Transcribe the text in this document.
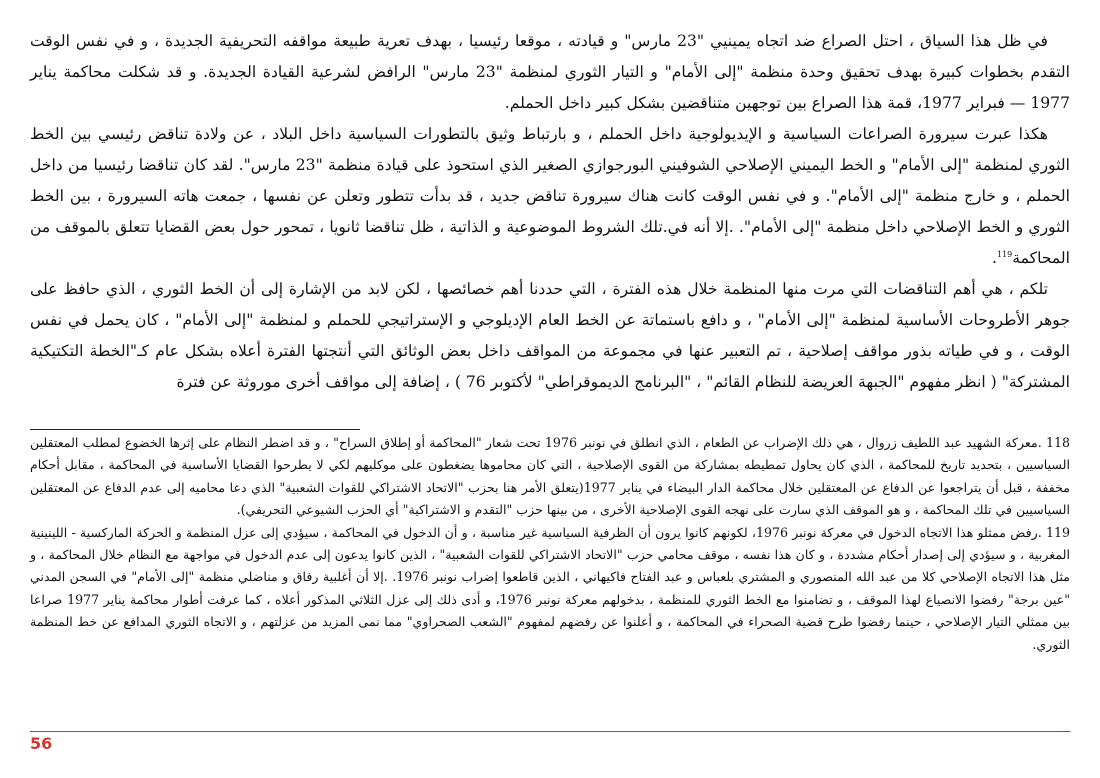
في ظل هذا السياق ، احتل الصراع ضد اتجاه يمينيي "23 مارس" و قيادته ، موقعا رئيسيا ، بهدف تعرية طبيعة مواقفه التحريفية الجديدة ، و في نفس الوقت التقدم بخطوات كبيرة بهدف تحقيق وحدة منظمة "إلى الأمام" و التيار الثوري لمنظمة "23 مارس" الرافض لشرعية القيادة الجديدة. و قد شكلت محاكمة يناير 1977 — فبراير 1977، قمة هذا الصراع بين توجهين متناقضين بشكل كبير داخل الحملم.

هكذا عبرت سيرورة الصراعات السياسية و الإيديولوجية داخل الحملم ، و بارتباط وثيق بالتطورات السياسية داخل البلاد ، عن ولادة تناقض رئيسي بين الخط الثوري لمنظمة "إلى الأمام" و الخط اليميني الإصلاحي الشوفيني البورجوازي الصغير الذي استحوذ على قيادة منظمة "23 مارس". لقد كان تناقضا رئيسيا من داخل الحملم ، و خارج منظمة "إلى الأمام". و في نفس الوقت كانت هناك سيرورة تناقض جديد ، قد بدأت تتطور وتعلن عن نفسها ، جمعت هاته السيرورة ، بين الخط الثوري و الخط الإصلاحي داخل منظمة "إلى الأمام". .إلا أنه في.تلك الشروط الموضوعية و الذاتية ، ظل تناقضا ثانويا ، تمحور حول بعض القضايا تتعلق بالموقف من المحاكمة$^{119}$.

تلكم ، هي أهم التناقضات التي مرت منها المنظمة خلال هذه الفترة ، التي حددنا أهم خصائصها ، لكن لابد من الإشارة إلى أن الخط الثوري ، الذي حافظ على جوهر الأطروحات الأساسية لمنظمة "إلى الأمام" ، و دافع باستماتة عن الخط العام الإديلوجي و الإستراتيجي للحملم و لمنظمة "إلى الأمام" ، كان يحمل في نفس الوقت ، و في طياته بذور مواقف إصلاحية ، تم التعبير عنها في مجموعة من المواقف داخل بعض الوثائق التي أنتجتها الفترة أعلاه بشكل عام كـ"الخطة التكتيكية المشتركة" ( انظر مفهوم "الجبهة العريضة للنظام القائم" ، "البرنامج الديموقراطي" لأكتوبر 76 ) ، إضافة إلى مواقف أخرى موروثة عن فترة

118 .معركة الشهيد عبد اللطيف زروال ، هي ذلك الإضراب عن الطعام ، الذي انطلق في نونبر 1976 تحت شعار "المحاكمة أو إطلاق السراح" ، و قد اضطر النظام على إثرها الخضوع لمطلب المعتقلين السياسيين ، بتحديد تاريخ للمحاكمة ، الذي كان يحاول تمطيطه بمشاركة من القوى الإصلاحية ، التي كان محاموها يضغطون على موكليهم لكي لا يطرحوا القضايا الأساسية في المحاكمة ، مقابل أحكام مخففة ، قبل أن يتراجعوا عن الدفاع عن المعتقلين خلال محاكمة الدار البيضاء في يناير 1977(يتعلق الأمر هنا بحزب "الاتحاد الاشتراكي للقوات الشعبية" الذي دعا محاميه إلى عدم الدفاع عن المعتقلين السياسيين في تلك المحاكمة ، و هو الموقف الذي سارت على نهجه القوى الإصلاحية الأخرى ، من بينها حزب "التقدم و الاشتراكية" أي الحزب الشيوعي التحريفي).

119 .رفض ممثلو هذا الاتجاه الدخول في معركة نونبر 1976، لكونهم كانوا يرون أن الظرفية السياسية غير مناسبة ، و أن الدخول في المحاكمة ، سيؤدي إلى عزل المنظمة و الحركة الماركسية - اللينينية المغربية ، و سيؤدي إلى إصدار أحكام مشددة ، و كان هذا نفسه ، موقف محامي حزب "الاتحاد الاشتراكي للقوات الشعبية" ، الذين كانوا يدعون إلى عدم الدخول في مواجهة مع النظام خلال المحاكمة ، و مثل هذا الاتجاه الإصلاحي كلا من عبد الله المنصوري و المشتري بلعباس و عبد الفتاح فاكيهاني ، الذين قاطعوا إضراب نونبر 1976. .إلا أن أغلبية رفاق و مناضلي منظمة "إلى الأمام" في السجن المدني "عين برجة" رفضوا الانصياع لهذا الموقف ، و تضامنوا مع الخط الثوري للمنظمة ، بدخولهم معركة نونبر 1976، و أدى ذلك إلى عزل الثلاثي المذكور أعلاه ، كما عرفت أطوار محاكمة يناير 1977 صراعا بين ممثلي التيار الإصلاحي ، حينما رفضوا طرح قضية الصحراء في المحاكمة ، و أعلنوا عن رفضهم لمفهوم "الشعب الصحراوي" مما نمى المزيد من عزلتهم ، و الاتجاه الثوري المدافع عن خط المنظمة الثوري.

56
